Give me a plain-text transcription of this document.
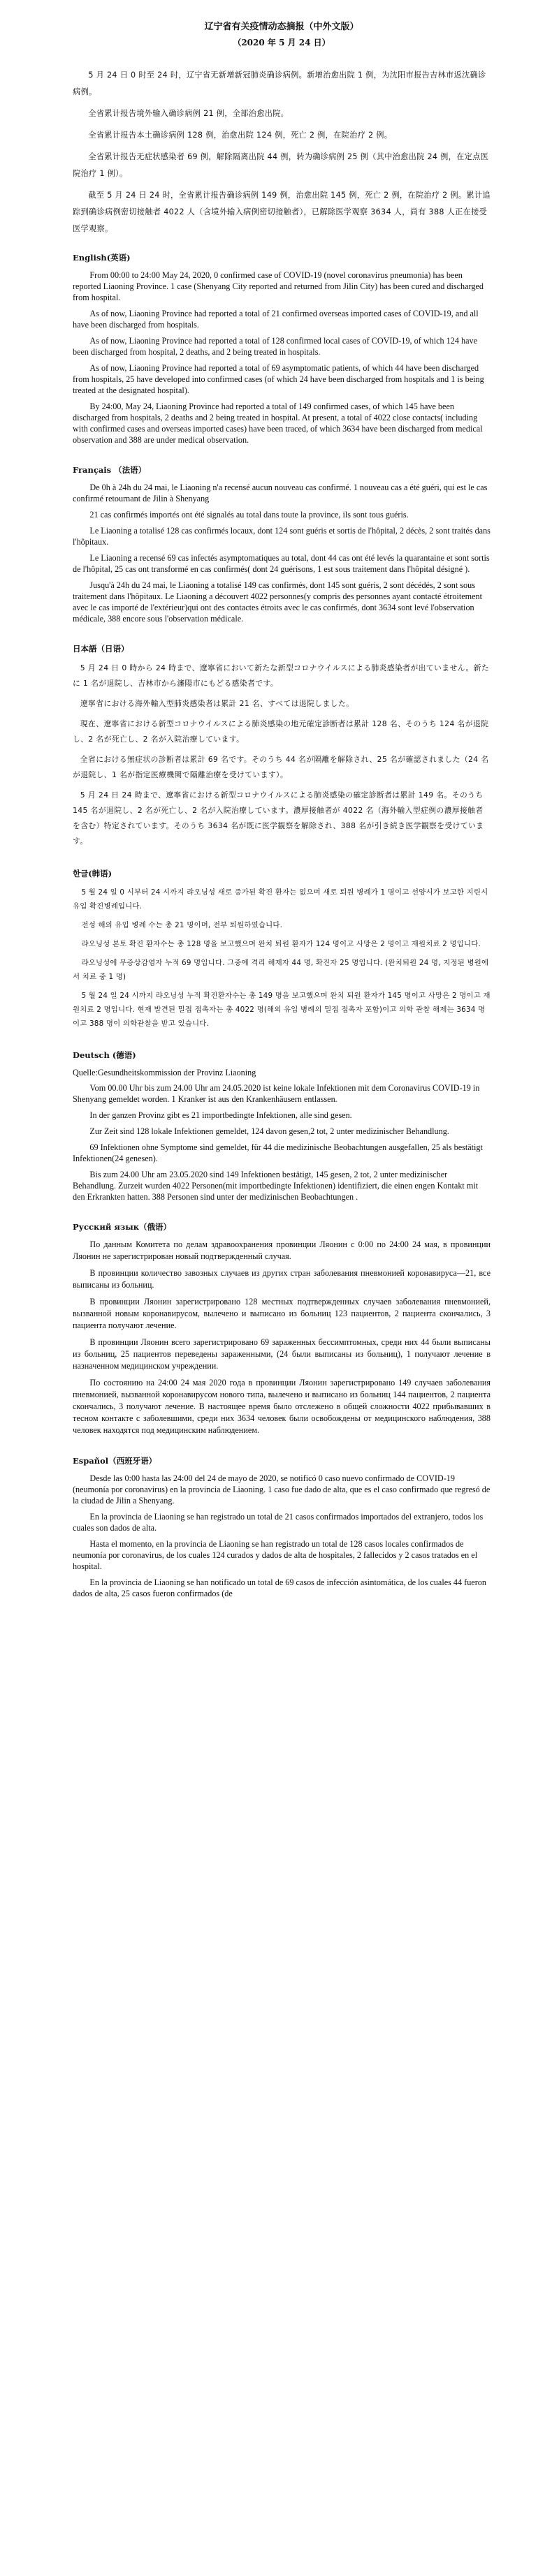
辽宁省有关疫情动态摘报（中外文版）
（2020 年 5 月 24 日）

5 月 24 日 0 时至 24 时，辽宁省无新增新冠肺炎确诊病例。新增治愈出院 1 例，为沈阳市报告吉林市返沈确诊病例。

全省累计报告境外输入确诊病例 21 例，全部治愈出院。

全省累计报告本土确诊病例 128 例，治愈出院 124 例，死亡 2 例，在院治疗 2 例。

全省累计报告无症状感染者 69 例，解除隔离出院 44 例，转为确诊病例 25 例（其中治愈出院 24 例，在定点医院治疗 1 例）。

截至 5 月 24 日 24 时，全省累计报告确诊病例 149 例，治愈出院 145 例，死亡 2 例，在院治疗 2 例。累计追踪到确诊病例密切接触者 4022 人（含境外输入病例密切接触者），已解除医学观察 3634 人，尚有 388 人正在接受医学观察。

English(英语)

From 00:00 to 24:00 May 24, 2020, 0 confirmed case of COVID-19 (novel coronavirus pneumonia) has been reported Liaoning Province. 1 case (Shenyang City reported and returned from Jilin City) has been cured and discharged from hospital.

As of now, Liaoning Province had reported a total of 21 confirmed overseas imported cases of COVID-19, and all have been discharged from hospitals.

As of now, Liaoning Province had reported a total of 128 confirmed local cases of COVID-19, of which 124 have been discharged from hospital, 2 deaths, and 2 being treated in hospitals.

As of now, Liaoning Province had reported a total of 69 asymptomatic patients, of which 44 have been discharged from hospitals, 25 have developed into confirmed cases (of which 24 have been discharged from hospitals and 1 is being treated at the designated hospital).

By 24:00, May 24, Liaoning Province had reported a total of 149 confirmed cases, of which 145 have been discharged from hospitals, 2 deaths and 2 being treated in hospital. At present, a total of 4022 close contacts( including with confirmed cases and overseas imported cases) have been traced, of which 3634 have been discharged from medical observation and 388 are under medical observation.

Français （法语）

De 0h à 24h du 24 mai, le Liaoning n'a recensé aucun nouveau cas confirmé. 1 nouveau cas a été guéri, qui est le cas confirmé retournant de Jilin à Shenyang

21 cas confirmés importés ont été signalés au total dans toute la province, ils sont tous guéris.

Le Liaoning a totalisé 128 cas confirmés locaux, dont 124 sont guéris et sortis de l'hôpital, 2 décès, 2 sont traités dans l'hôpitaux.

Le Liaoning a recensé 69 cas infectés asymptomatiques au total, dont 44 cas ont été levés la quarantaine et sont sortis de l'hôpital, 25 cas ont transformé en cas confirmés( dont 24 guérisons, 1 est sous traitement dans l'hôpital désigné ).

Jusqu'à 24h du 24 mai, le Liaoning a totalisé 149 cas confirmés, dont 145 sont guéris, 2 sont décédés, 2 sont sous traitement dans l'hôpitaux. Le Liaoning a découvert 4022 personnes(y compris des personnes ayant contacté étroitement avec le cas importé de l'extérieur)qui ont des contactes étroits avec le cas confirmés, dont 3634 sont levé l'observation médicale, 388 encore sous l'observation médicale.

日本語（日语）

5 月 24 日 0 時から 24 時まで、遼寧省において新たな新型コロナウイルスによる肺炎感染者が出ていません。新たに 1 名が退院し、吉林市から瀋陽市にもどる感染者です。

遼寧省における海外輸入型肺炎感染者は累計 21 名、すべては退院しました。

現在、遼寧省における新型コロナウイルスによる肺炎感染の地元確定診断者は累計 128 名、そのうち 124 名が退院し、2 名が死亡し、2 名が入院治療しています。

全省における無症状の診断者は累計 69 名です。そのうち 44 名が隔離を解除され、25 名が確認されました（24 名が退院し、1 名が指定医療機関で隔離治療を受けています）。

5 月 24 日 24 時まで、遼寧省における新型コロナウイルスによる肺炎感染の確定診断者は累計 149 名。そのうち 145 名が退院し、2 名が死亡し、2 名が入院治療しています。濃厚接触者が 4022 名（海外輸入型症例の濃厚接触者を含む）特定されています。そのうち 3634 名が既に医学観察を解除され、388 名が引き続き医学観察を受けています。

한글(韩语)

5 월 24 일 0 시부터 24 시까지 랴오닝성 새로 증가된 확진 환자는 없으며 새로 퇴원 병례가 1 명이고 선양시가 보고한 지린시 유입 확진병례입니다.

전성 해외 유입 병례 수는 총 21 명이며, 전부 퇴원하였습니다.

랴오닝성 본토 확진 환자수는 총 128 명을 보고했으며 완치 퇴원 환자가 124 명이고 사망은 2 명이고 재원치료 2 명입니다.

랴오닝성에 무증상감염자 누적 69 명입니다. 그중에 격리 해제자 44 명, 확진자 25 명입니다. (완치퇴원 24 명, 지정된 병원에서 치료 중 1 명)

5 월 24 일 24 시까지 랴오닝성 누적 확진환자수는 총 149 명을 보고했으며 완치 퇴원 환자가 145 명이고 사망은 2 명이고 재원치료 2 명입니다. 현재 발견된 밀접 접촉자는 총 4022 명(해외 유입 병례의 밀접 접촉자 포함)이고 의학 관찰 해제는 3634 명이고 388 명이 의학관찰을 받고 있습니다.

Deutsch (德语)
Quelle:Gesundheitskommission der Provinz Liaoning

Vom 00.00 Uhr bis zum 24.00 Uhr am 24.05.2020 ist keine lokale Infektionen mit dem Coronavirus COVID-19 in Shenyang gemeldet worden. 1 Kranker ist aus den Krankenhäusern entlassen.

In der ganzen Provinz gibt es 21 importbedingte Infektionen, alle sind gesen.

Zur Zeit sind 128 lokale Infektionen gemeldet, 124 davon gesen,2 tot, 2 unter medizinischer Behandlung.

69 Infektionen ohne Symptome sind gemeldet, für 44 die medizinische Beobachtungen ausgefallen, 25 als bestätigt Infektionen(24 genesen).

Bis zum 24.00 Uhr am 23.05.2020 sind 149 Infektionen bestätigt, 145 gesen, 2 tot, 2 unter medizinischer Behandlung. Zurzeit wurden 4022 Personen(mit importbedingte Infektionen) identifiziert, die einen engen Kontakt mit den Erkrankten hatten. 388 Personen sind unter der medizinischen Beobachtungen .

Русский язык（俄语）

По данным Комитета по делам здравоохранения провинции Ляонин с 0:00 по 24:00 24 мая, в провинции Ляонин не зарегистрирован новый подтвержденный случая.

В провинции количество завозных случаев из других стран заболевания пневмонией коронавируса—21, все выписаны из больниц.

В провинции Ляонин зарегистрировано 128 местных подтвержденных случаев заболевания пневмонией, вызванной новым коронавирусом, вылечено и выписано из больниц 123 пациентов, 2 пациента скончались, 3 пациента получают лечение.

В провинции Ляонин всего зарегистрировано 69 зараженных бессимптомных, среди них 44 были выписаны из больниц, 25 пациентов переведены зараженными, (24 были выписаны из больниц), 1 получают лечение в назначенном медицинском учреждении.

По состоянию на 24:00 24 мая 2020 года в провинции Ляонин зарегистрировано 149 случаев заболевания пневмонией, вызванной коронавирусом нового типа, вылечено и выписано из больниц 144 пациентов, 2 пациента скончались, 3 получают лечение. В настоящее время было отслежено в общей сложности 4022 прибывавших в тесном контакте с заболевшими, среди них 3634 человек были освобождены от медицинского наблюдения, 388 человек находятся под медицинским наблюдением.

Español（西班牙语）

Desde las 0:00 hasta las 24:00 del 24 de mayo de 2020, se notificó 0 caso nuevo confirmado de COVID-19 (neumonía por coronavirus) en la provincia de Liaoning. 1 caso fue dado de alta, que es el caso confirmado que regresó de la ciudad de Jilin a Shenyang.

En la provincia de Liaoning se han registrado un total de 21 casos confirmados importados del extranjero, todos los cuales son dados de alta.

Hasta el momento, en la provincia de Liaoning se han registrado un total de 128 casos locales confirmados de neumonía por coronavirus, de los cuales 124 curados y dados de alta de hospitales, 2 fallecidos y 2 casos tratados en el hospital.

En la provincia de Liaoning se han notificado un total de 69 casos de infección asintomática, de los cuales 44 fueron dados de alta, 25 casos fueron confirmados (de
